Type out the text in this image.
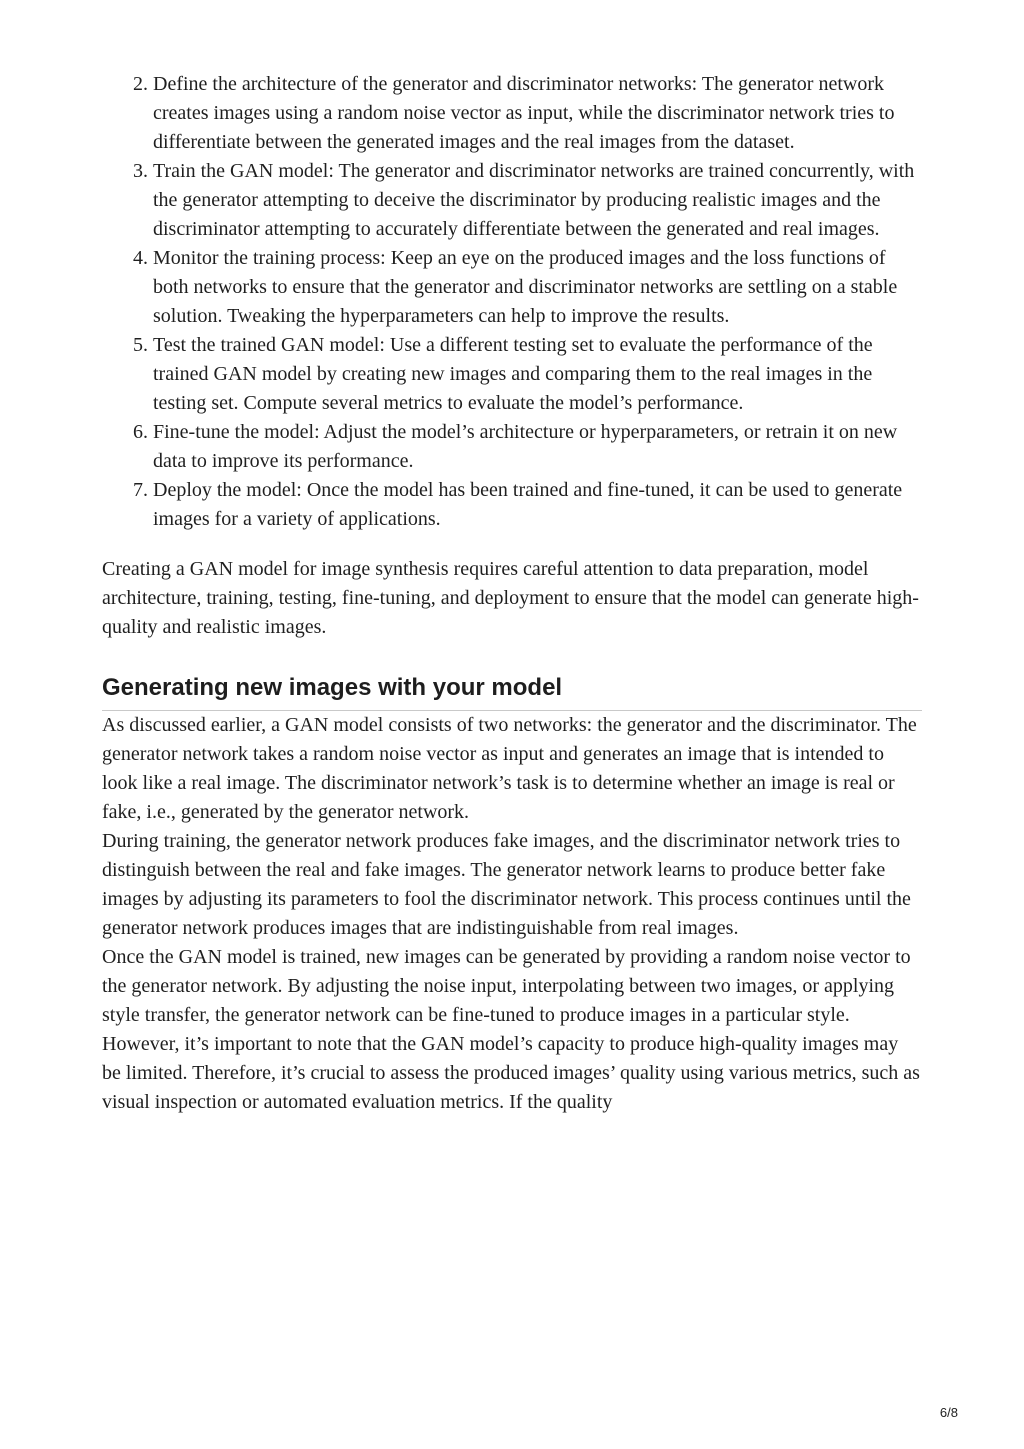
2. Define the architecture of the generator and discriminator networks: The generator network creates images using a random noise vector as input, while the discriminator network tries to differentiate between the generated images and the real images from the dataset.
3. Train the GAN model: The generator and discriminator networks are trained concurrently, with the generator attempting to deceive the discriminator by producing realistic images and the discriminator attempting to accurately differentiate between the generated and real images.
4. Monitor the training process: Keep an eye on the produced images and the loss functions of both networks to ensure that the generator and discriminator networks are settling on a stable solution. Tweaking the hyperparameters can help to improve the results.
5. Test the trained GAN model: Use a different testing set to evaluate the performance of the trained GAN model by creating new images and comparing them to the real images in the testing set. Compute several metrics to evaluate the model’s performance.
6. Fine-tune the model: Adjust the model’s architecture or hyperparameters, or retrain it on new data to improve its performance.
7. Deploy the model: Once the model has been trained and fine-tuned, it can be used to generate images for a variety of applications.

Creating a GAN model for image synthesis requires careful attention to data preparation, model architecture, training, testing, fine-tuning, and deployment to ensure that the model can generate high-quality and realistic images.

Generating new images with your model

As discussed earlier, a GAN model consists of two networks: the generator and the discriminator. The generator network takes a random noise vector as input and generates an image that is intended to look like a real image. The discriminator network’s task is to determine whether an image is real or fake, i.e., generated by the generator network.

During training, the generator network produces fake images, and the discriminator network tries to distinguish between the real and fake images. The generator network learns to produce better fake images by adjusting its parameters to fool the discriminator network. This process continues until the generator network produces images that are indistinguishable from real images.

Once the GAN model is trained, new images can be generated by providing a random noise vector to the generator network. By adjusting the noise input, interpolating between two images, or applying style transfer, the generator network can be fine-tuned to produce images in a particular style.

However, it’s important to note that the GAN model’s capacity to produce high-quality images may be limited. Therefore, it’s crucial to assess the produced images’ quality using various metrics, such as visual inspection or automated evaluation metrics. If the quality

6/8
